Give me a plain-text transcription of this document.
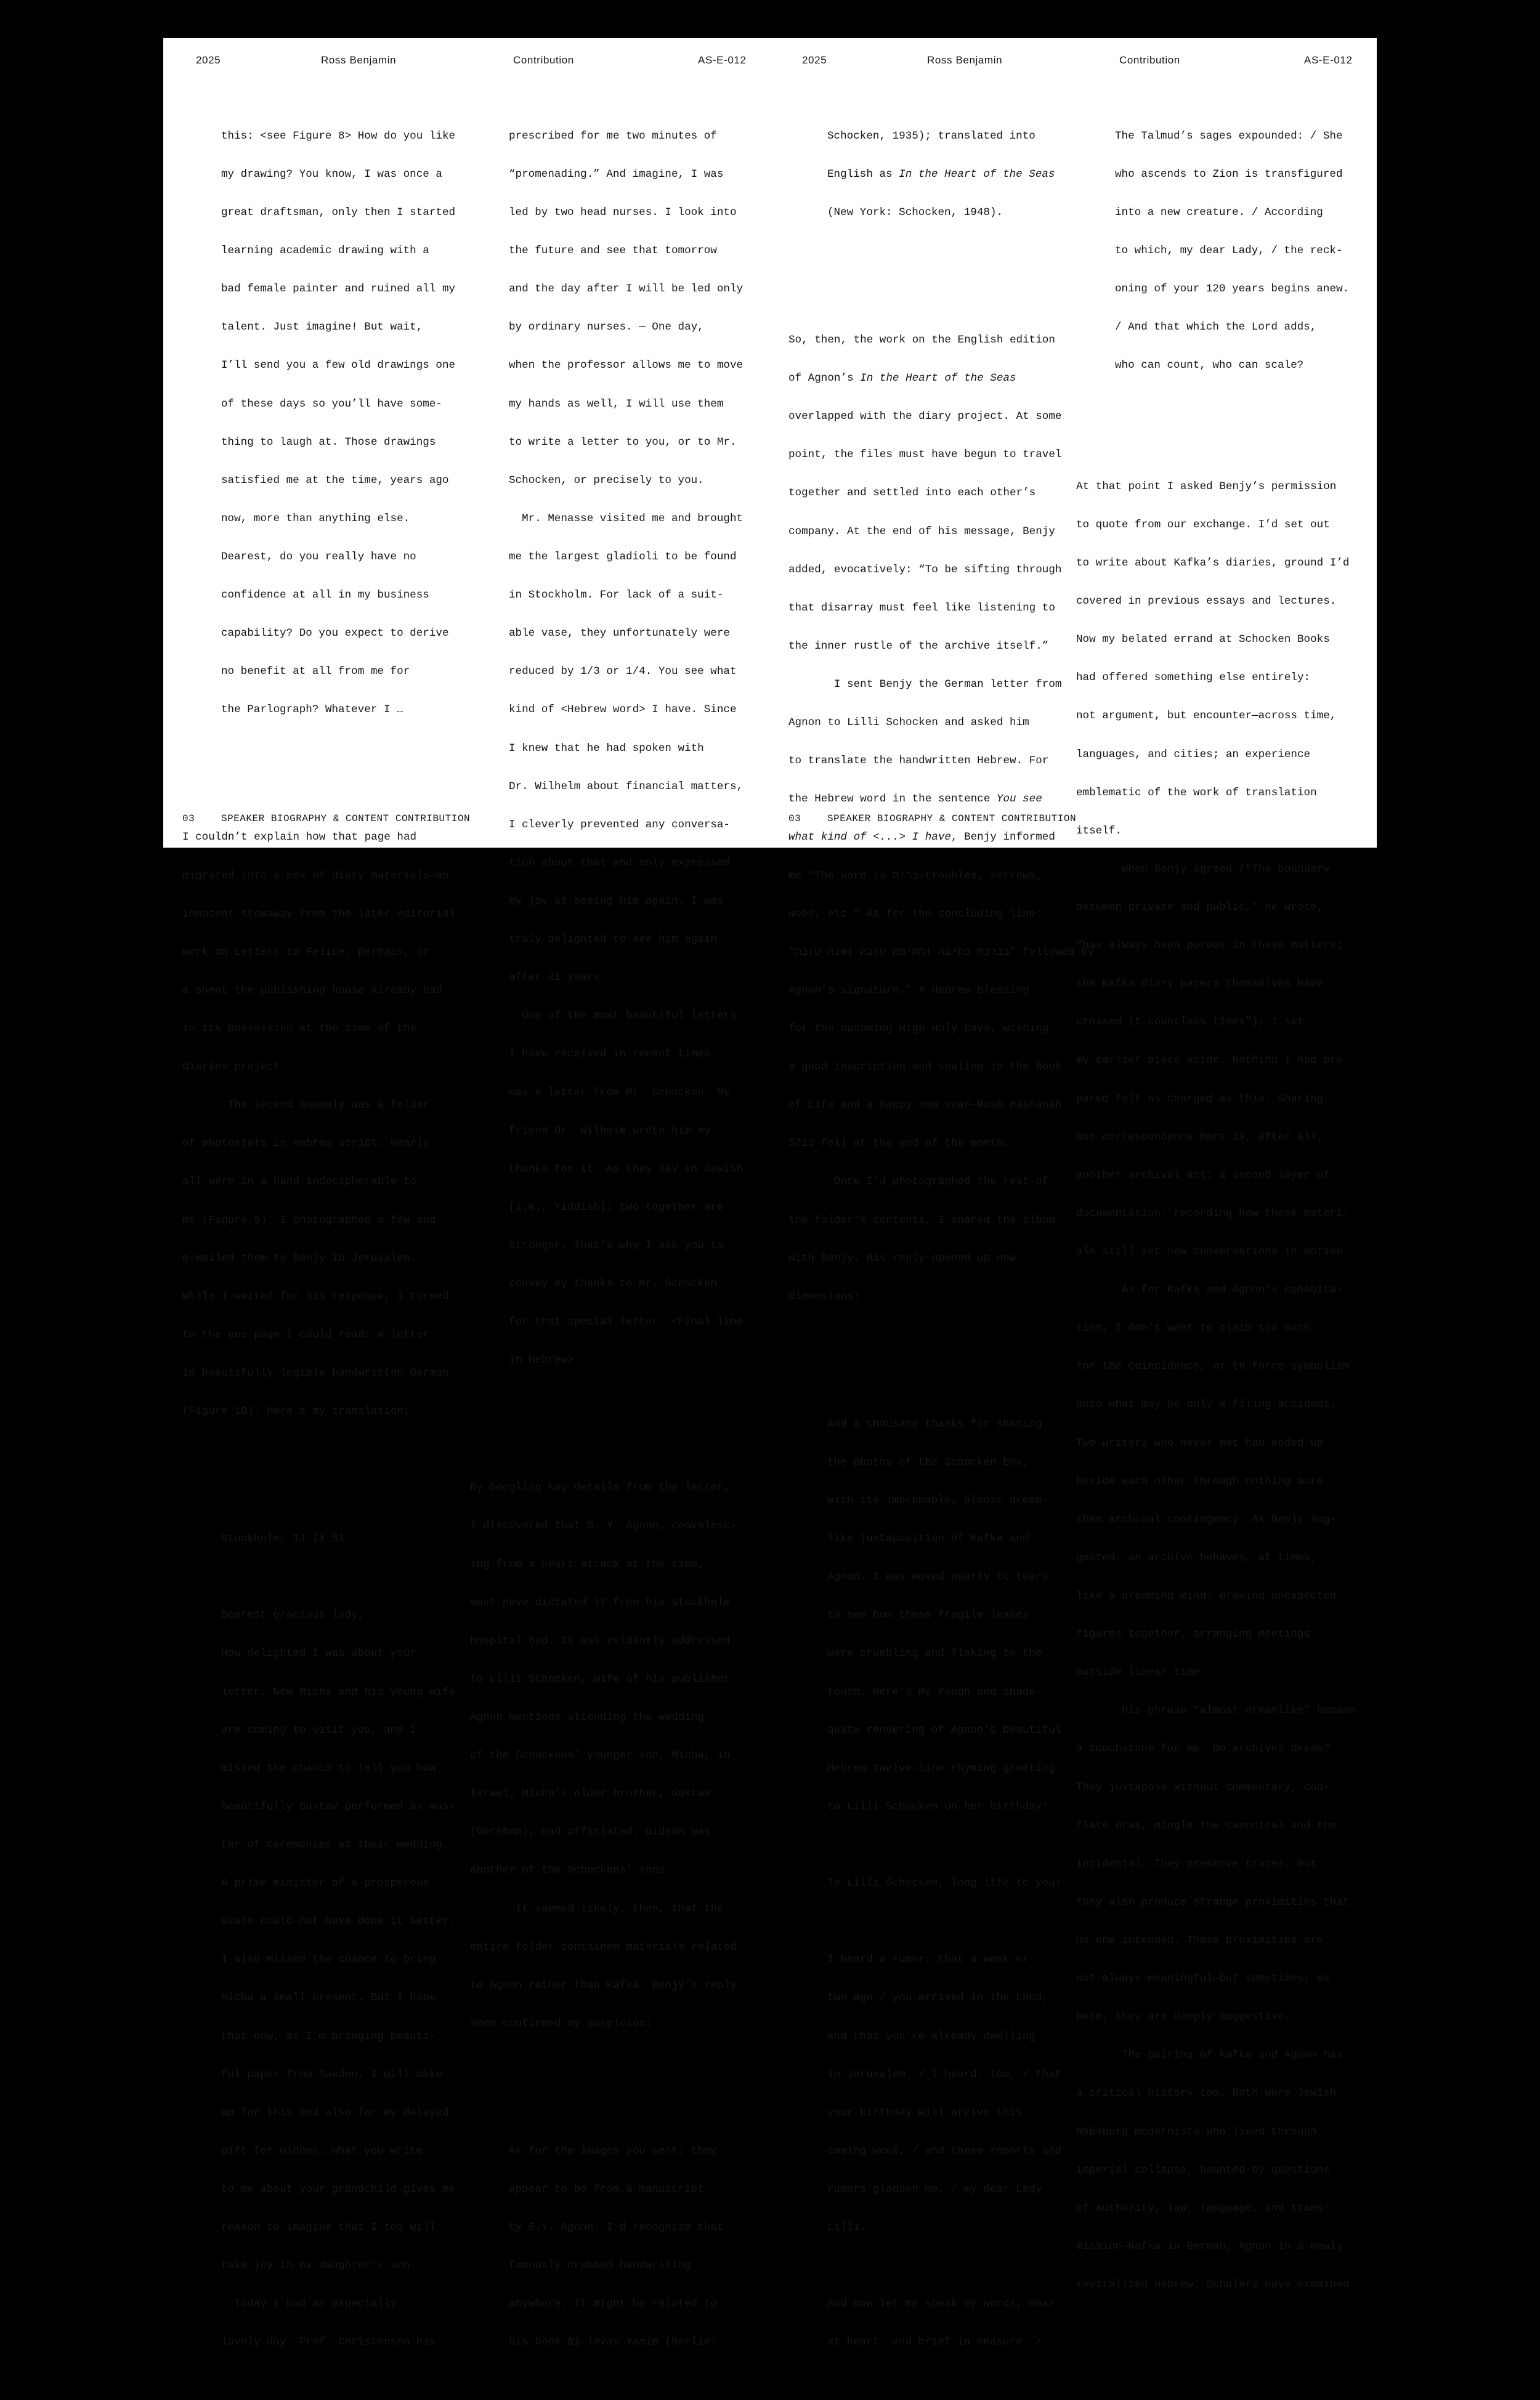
2025	Ross Benjamin	Contribution	AS-E-012	2025	Ross Benjamin	Contribution	AS-E-012

this: <see Figure 8> How do you like

my drawing? You know, I was once a

great draftsman, only then I started

learning academic drawing with a

bad female painter and ruined all my

talent. Just imagine! But wait,

I’ll send you a few old drawings one

of these days so you’ll have some-

thing to laugh at. Those drawings

satisfied me at the time, years ago

now, more than anything else.

Dearest, do you really have no

confidence at all in my business

capability? Do you expect to derive

no benefit at all from me for

the Parlograph? Whatever I …

I couldn’t explain how that page had

migrated into a box of diary materials—an

innocent stowaway from the later editorial

work on Letters to Felice, perhaps, or

a sheet the publishing house already had

in its possession at the time of the

diaries project.

The second anomaly was a folder

of photostats in Hebrew script. Nearly

all were in a hand indecipherable to

me (Figure 9). I photographed a few and

e-mailed them to Benjy in Jerusalem.

While I waited for his response, I turned

to the one page I could read: a letter

in beautifully legible handwritten German

(Figure 10). Here’s my translation:

Stockholm, 14 IX 51

Dearest gracious lady,

How delighted I was about your

letter. Now Micha and his young wife

are coming to visit you, and I

missed the chance to tell you how

beautifully Gustav performed as mas-

ter of ceremonies at their wedding.

A prime minister of a prosperous

state could not have done it better.

I also missed the chance to bring

Micha a small present. But I hope

that now, as I’m bringing beauti-

ful paper from Sweden, I will make

up for this and also for my delayed

gift for Gideon. What you write

to me about your grandchild gives me

reason to imagine that I too will

take joy in my daughter’s son.

Today I had an especially

lovely day. Prof. Christenson has

prescribed for me two minutes of

“promenading.” And imagine, I was

led by two head nurses. I look into

the future and see that tomorrow

and the day after I will be led only

by ordinary nurses. — One day,

when the professor allows me to move

my hands as well, I will use them

to write a letter to you, or to Mr.

Schocken, or precisely to you.

Mr. Menasse visited me and brought

me the largest gladioli to be found

in Stockholm. For lack of a suit-

able vase, they unfortunately were

reduced by 1/3 or 1/4. You see what

kind of <Hebrew word> I have. Since

I knew that he had spoken with

Dr. Wilhelm about financial matters,

I cleverly prevented any conversa-

tion about that and only expressed

my joy at seeing him again. I was

truly delighted to see him again

after 21 years.

One of the most beautiful letters

I have received in recent times

was a letter from Mr. Schocken. My

friend Dr. Wilhelm wrote him my

thanks for it. As they say in Jewish

[i.e., Yiddish]: two together are

stronger. That’s why I ask you to

convey my thanks to Mr. Schocken

for that special letter. <Final line

in Hebrew>

By Googling key details from the letter,

I discovered that S. Y. Agnon, convalesc-

ing from a heart attack at the time,

must have dictated it from his Stockholm

hospital bed. It was evidently addressed

to Lilli Schocken, wife of his publisher.

Agnon mentions attending the wedding

of the Schockens’ younger son, Micha, in

Israel; Micha’s older brother, Gustav

(Gershom), had officiated. Gideon was

another of the Schockens’ sons.

It seemed likely, then, that the

entire folder contained materials related

to Agnon rather than Kafka. Benjy’s reply

soon confirmed my suspicion:

As for the images you sent: they

appear to be from a manuscript

by S.Y. Agnon. I’d recognize that

famously crabbed handwriting

anywhere. It might be related to

his book Bi-levav Yamim (Berlin:

Schocken, 1935); translated into

English as In the Heart of the Seas

(New York: Schocken, 1948).

So, then, the work on the English edition

of Agnon’s In the Heart of the Seas

overlapped with the diary project. At some

point, the files must have begun to travel

together and settled into each other’s

company. At the end of his message, Benjy

added, evocatively: “To be sifting through

that disarray must feel like listening to

the inner rustle of the archive itself.”

I sent Benjy the German letter from

Agnon to Lilli Schocken and asked him

to translate the handwritten Hebrew. For

the Hebrew word in the sentence You see

what kind of <...> I have, Benjy informed

me “The word is צרות—troubles, sorrows,

woes, etc.” As for the concluding line:

“בברכת כתיבה וחתימה טובה ושנה טובה” followed by

Agnon’s signature.” A Hebrew blessing

for the upcoming High Holy Days, wishing

a good inscription and sealing in the Book

of Life and a happy new year—Rosh Hashanah

5712 fell at the end of the month.

Once I’d photographed the rest of

the folder’s contents, I shared the album

with Benjy. His reply opened up new

dimensions:

And a thousand thanks for sharing

the photos of the Schocken box,

with its improbable, almost dream-

like juxtaposition of Kafka and

Agnon. I was moved nearly to tears

to see how those fragile leaves

were crumbling and flaking to the

touch. Here’s my rough and inade-

quate rendering of Agnon’s beautiful

Hebrew twelve-line rhyming greeting

to Lilli Schocken on her birthday:

To Lilli Schocken, long life to you!

I heard a rumor: that a week or

two ago / you arrived in the Land,

and that you’re already dwelling

in Jerusalem. / I heard, too, / that

your birthday will arrive this

coming week, / and these reports and

rumors gladden me, / my dear Lady

Lilli.

And now let me speak my words, near

at heart, and brief in measure. /

The Talmud’s sages expounded: / She

who ascends to Zion is transfigured

into a new creature. / According

to which, my dear Lady, / the reck-

oning of your 120 years begins anew.

/ And that which the Lord adds,

who can count, who can scale?

At that point I asked Benjy’s permission

to quote from our exchange. I’d set out

to write about Kafka’s diaries, ground I’d

covered in previous essays and lectures.

Now my belated errand at Schocken Books

had offered something else entirely:

not argument, but encounter—across time,

languages, and cities; an experience

emblematic of the work of translation

itself.

When Benjy agreed (“The boundary

between private and public,” he wrote,

“has always been porous in these matters;

the Kafka diary papers themselves have

crossed it countless times”), I set

my earlier piece aside. Nothing I had pre-

pared felt as charged as this. Sharing

our correspondence here is, after all,

another archival act: a second layer of

documentation, recording how these materi-

als still set new conversations in motion.

As for Kafka and Agnon’s cohabita-

tion, I don’t want to claim too much

for the coincidence, or to force symbolism

onto what may be only a filing accident.

Two writers who never met had ended up

beside each other through nothing more

than archival contingency. As Benjy sug-

gested, an archive behaves, at times,

like a dreaming mind: drawing unexpected

figures together, arranging meetings

outside linear time.

His phrase “almost dreamlike” became

a touchstone for me. Do archives dream?

They juxtapose without commentary, con-

flate eras, mingle the canonical and the

incidental. They preserve traces, but

they also produce strange proximities that

no one intended. These proximities are

not always meaningful—but sometimes, as

here, they are deeply suggestive.

The pairing of Kafka and Agnon has

a critical history too. Both were Jewish

Habsburg modernists who lived through

imperial collapse, haunted by questions

of authority, law, language, and trans-

mission—Kafka in German, Agnon in a newly

revitalized Hebrew. Scholars have examined

03	SPEAKER BIOGRAPHY & CONTENT CONTRIBUTION	03	SPEAKER BIOGRAPHY & CONTENT CONTRIBUTION
